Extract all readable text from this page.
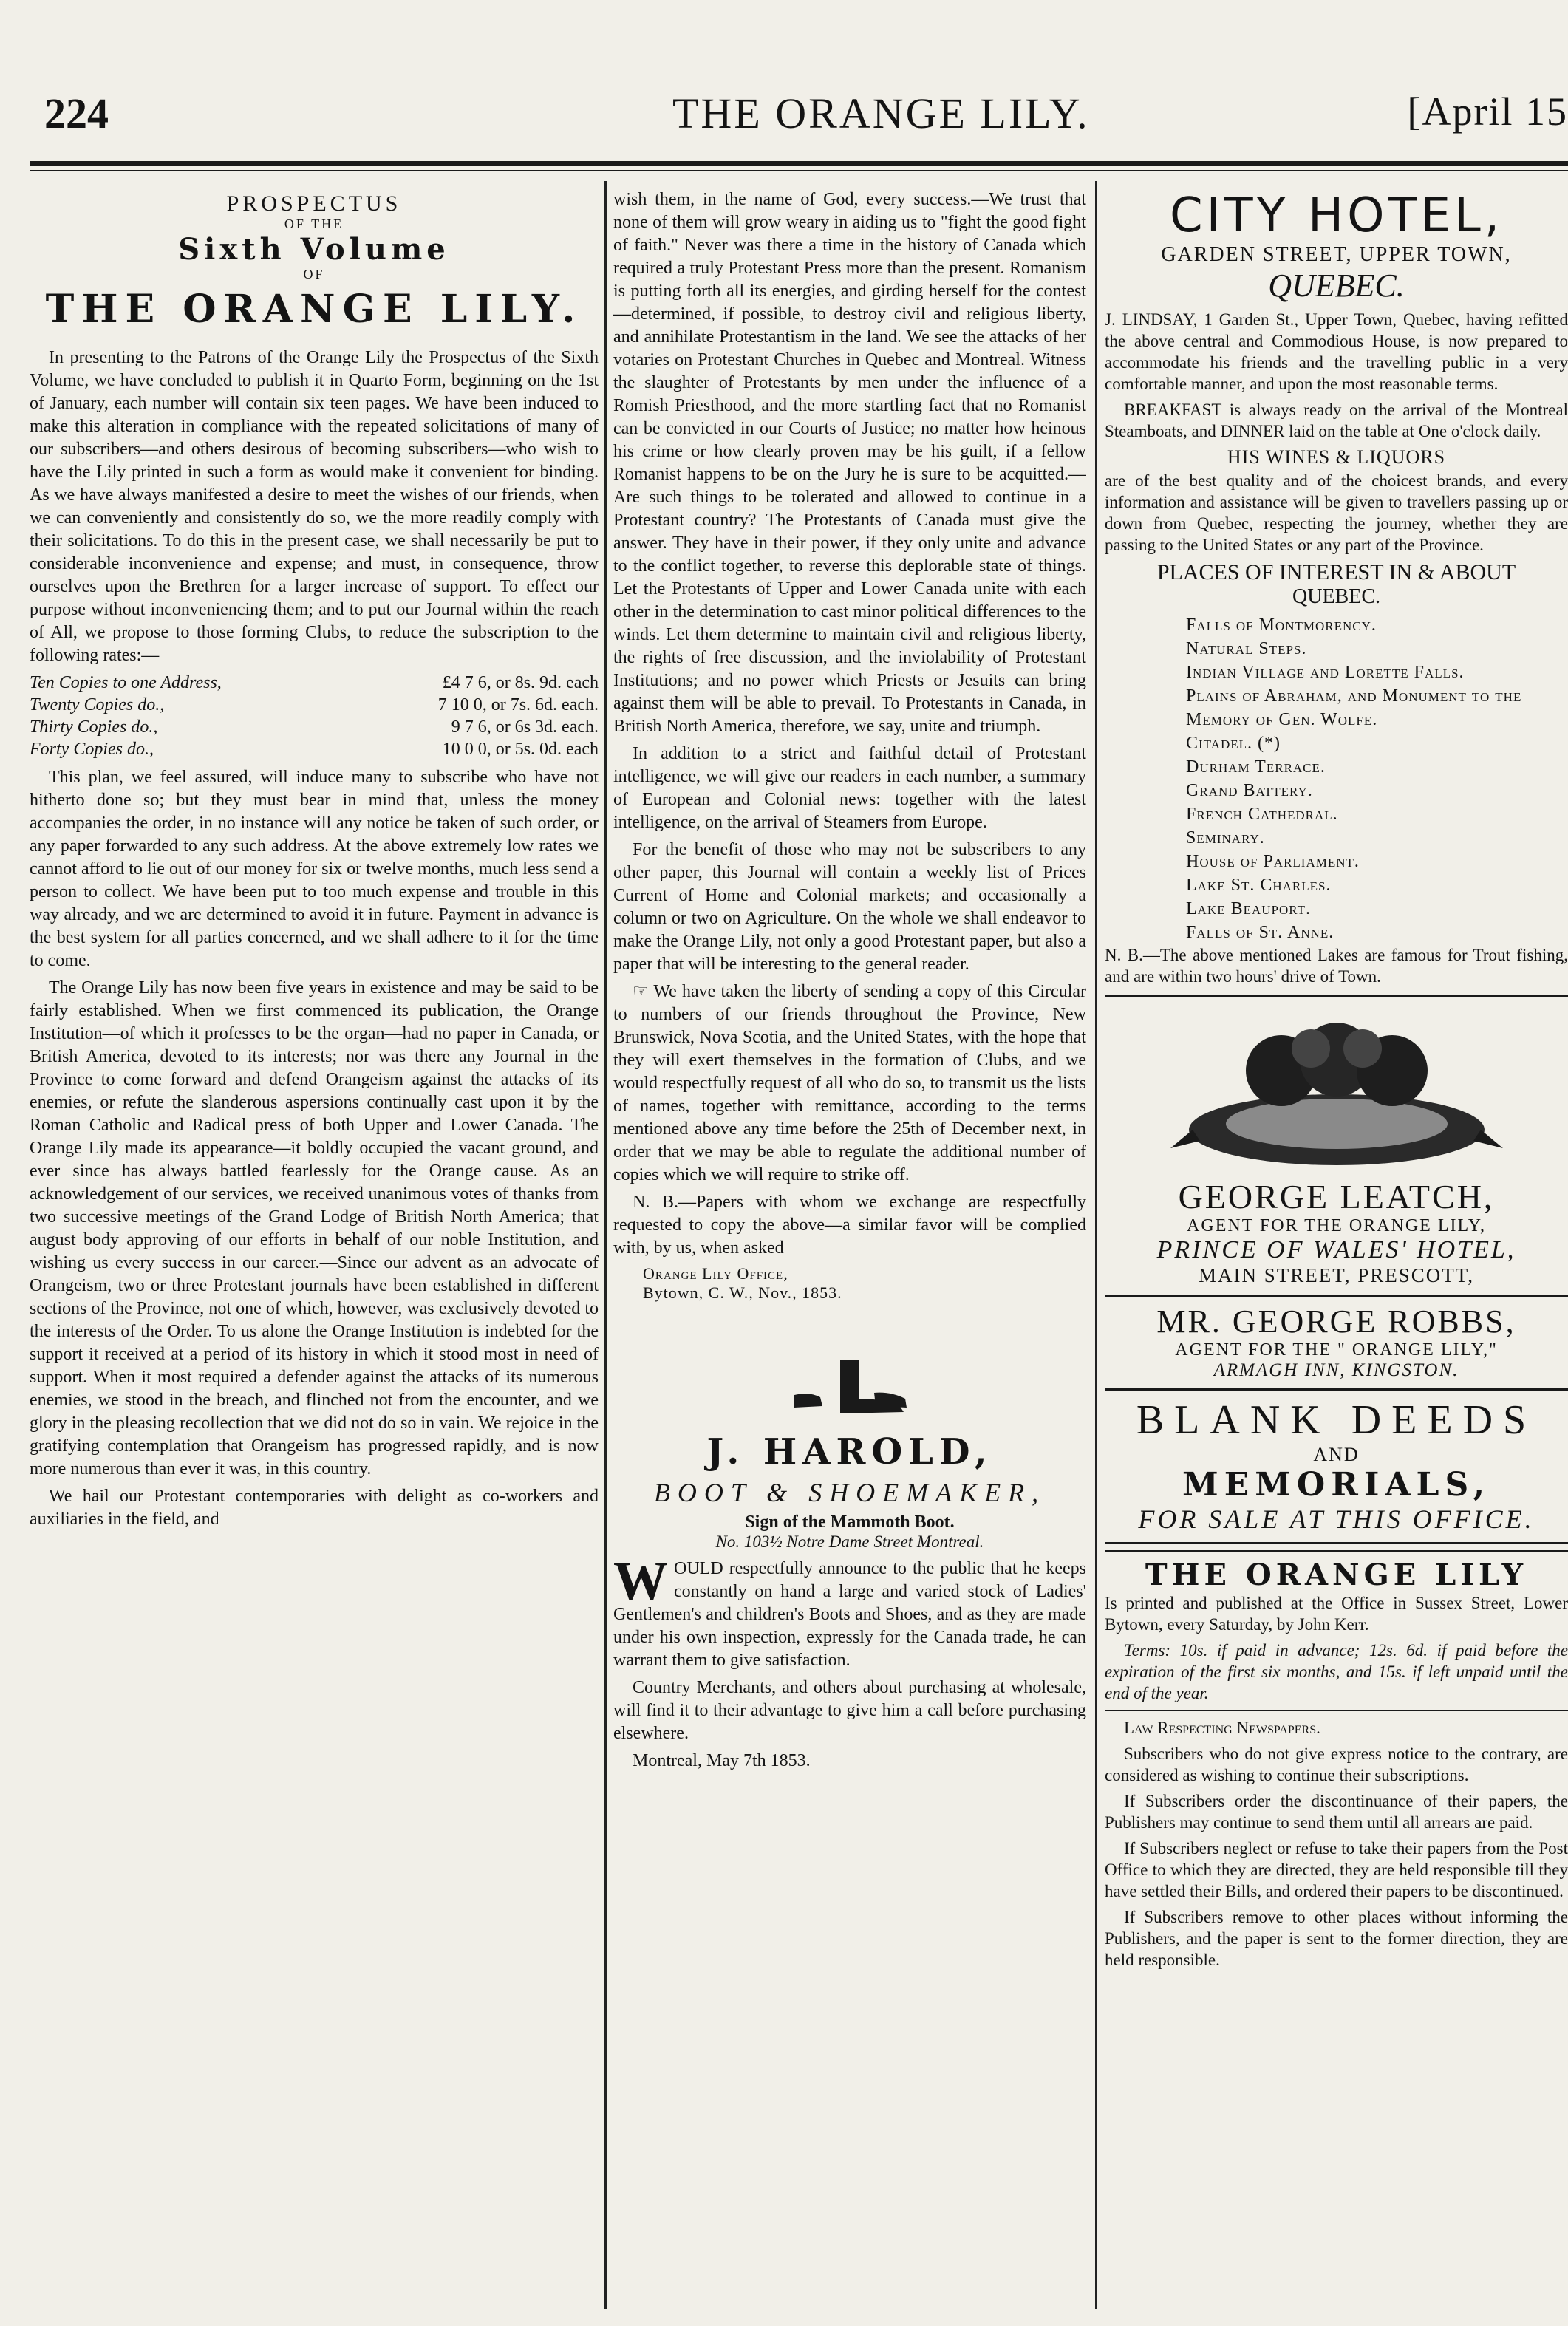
224	THE ORANGE LILY.	[April 15
PROSPECTUS
OF THE
Sixth Volume
OF
THE ORANGE LILY.

In presenting to the Patrons of the Orange Lily the Prospectus of the Sixth Volume, we have concluded to publish it in Quarto Form, beginning on the 1st of January, each number will contain six teen pages. We have been induced to make this alteration in compliance with the repeated solicitations of many of our subscribers—and others desirous of becoming subscribers—who wish to have the Lily printed in such a form as would make it convenient for binding. As we have always manifested a desire to meet the wishes of our friends, when we can conveniently and consistently do so, we the more readily comply with their solicitations. To do this in the present case, we shall necessarily be put to considerable inconvenience and expense; and must, in consequence, throw ourselves upon the Brethren for a larger increase of support. To effect our purpose without inconveniencing them; and to put our Journal within the reach of All, we propose to those forming Clubs, to reduce the subscription to the following rates:—

Ten Copies to one Address,	£4 7 6, or 8s. 9d. each
Twenty Copies do.,	7 10 0, or 7s. 6d. each.
Thirty Copies do.,	9 7 6, or 6s 3d. each.
Forty Copies do.,	10 0 0, or 5s. 0d. each

This plan, we feel assured, will induce many to subscribe who have not hitherto done so; but they must bear in mind that, unless the money accompanies the order, in no instance will any notice be taken of such order, or any paper forwarded to any such address. At the above extremely low rates we cannot afford to lie out of our money for six or twelve months, much less send a person to collect. We have been put to too much expense and trouble in this way already, and we are determined to avoid it in future. Payment in advance is the best system for all parties concerned, and we shall adhere to it for the time to come.

The Orange Lily has now been five years in existence and may be said to be fairly established. When we first commenced its publication, the Orange Institution—of which it professes to be the organ—had no paper in Canada, or British America, devoted to its interests; nor was there any Journal in the Province to come forward and defend Orangeism against the attacks of its enemies, or refute the slanderous aspersions continually cast upon it by the Roman Catholic and Radical press of both Upper and Lower Canada. The Orange Lily made its appearance—it boldly occupied the vacant ground, and ever since has always battled fearlessly for the Orange cause. As an acknowledgement of our services, we received unanimous votes of thanks from two successive meetings of the Grand Lodge of British North America; that august body approving of our efforts in behalf of our noble Institution, and wishing us every success in our career.—Since our advent as an advocate of Orangeism, two or three Protestant journals have been established in different sections of the Province, not one of which, however, was exclusively devoted to the interests of the Order. To us alone the Orange Institution is indebted for the support it received at a period of its history in which it stood most in need of support. When it most required a defender against the attacks of its numerous enemies, we stood in the breach, and flinched not from the encounter, and we glory in the pleasing recollection that we did not do so in vain. We rejoice in the gratifying contemplation that Orangeism has progressed rapidly, and is now more numerous than ever it was, in this country.

We hail our Protestant contemporaries with delight as co-workers and auxiliaries in the field, and

wish them, in the name of God, every success.—We trust that none of them will grow weary in aiding us to "fight the good fight of faith." Never was there a time in the history of Canada which required a truly Protestant Press more than the present. Romanism is putting forth all its energies, and girding herself for the contest—determined, if possible, to destroy civil and religious liberty, and annihilate Protestantism in the land. We see the attacks of her votaries on Protestant Churches in Quebec and Montreal. Witness the slaughter of Protestants by men under the influence of a Romish Priesthood, and the more startling fact that no Romanist can be convicted in our Courts of Justice; no matter how heinous his crime or how clearly proven may be his guilt, if a fellow Romanist happens to be on the Jury he is sure to be acquitted.—Are such things to be tolerated and allowed to continue in a Protestant country? The Protestants of Canada must give the answer. They have in their power, if they only unite and advance to the conflict together, to reverse this deplorable state of things. Let the Protestants of Upper and Lower Canada unite with each other in the determination to cast minor political differences to the winds. Let them determine to maintain civil and religious liberty, the rights of free discussion, and the inviolability of Protestant Institutions; and no power which Priests or Jesuits can bring against them will be able to prevail. To Protestants in Canada, in British North America, therefore, we say, unite and triumph.

In addition to a strict and faithful detail of Protestant intelligence, we will give our readers in each number, a summary of European and Colonial news: together with the latest intelligence, on the arrival of Steamers from Europe.

For the benefit of those who may not be subscribers to any other paper, this Journal will contain a weekly list of Prices Current of Home and Colonial markets; and occasionally a column or two on Agriculture. On the whole we shall endeavor to make the Orange Lily, not only a good Protestant paper, but also a paper that will be interesting to the general reader.

☞ We have taken the liberty of sending a copy of this Circular to numbers of our friends throughout the Province, New Brunswick, Nova Scotia, and the United States, with the hope that they will exert themselves in the formation of Clubs, and we would respectfully request of all who do so, to transmit us the lists of names, together with remittance, according to the terms mentioned above any time before the 25th of December next, in order that we may be able to regulate the additional number of copies which we will require to strike off.

N. B.—Papers with whom we exchange are respectfully requested to copy the above—a similar favor will be complied with, by us, when asked

Orange Lily Office,
Bytown, C. W., Nov., 1853.
J. HAROLD,
BOOT & SHOEMAKER,
Sign of the Mammoth Boot.
No. 103½ Notre Dame Street Montreal.

WOULD respectfully announce to the public that he keeps constantly on hand a large and varied stock of Ladies' Gentlemen's and children's Boots and Shoes, and as they are made under his own inspection, expressly for the Canada trade, he can warrant them to give satisfaction.

Country Merchants, and others about purchasing at wholesale, will find it to their advantage to give him a call before purchasing elsewhere.

Montreal, May 7th 1853.

CITY HOTEL,
GARDEN STREET, UPPER TOWN,
QUEBEC.

J. LINDSAY, 1 Garden St., Upper Town, Quebec, having refitted the above central and Commodious House, is now prepared to accommodate his friends and the travelling public in a very comfortable manner, and upon the most reasonable terms.

BREAKFAST is always ready on the arrival of the Montreal Steamboats, and DINNER laid on the table at One o'clock daily.

HIS WINES & LIQUORS

are of the best quality and of the choicest brands, and every information and assistance will be given to travellers passing up or down from Quebec, respecting the journey, whether they are passing to the United States or any part of the Province.

PLACES OF INTEREST IN & ABOUT
QUEBEC.
Falls of Montmorency.
Natural Steps.
Indian Village and Lorette Falls.
Plains of Abraham, and Monument to the Memory of Gen. Wolfe.
Citadel. (*)
Durham Terrace.
Grand Battery.
French Cathedral.
Seminary.
House of Parliament.
Lake St. Charles.
Lake Beauport.
Falls of St. Anne.

N. B.—The above mentioned Lakes are famous for Trout fishing, and are within two hours' drive of Town.

GEORGE LEATCH,
AGENT FOR THE ORANGE LILY,
PRINCE OF WALES' HOTEL,
MAIN STREET, PRESCOTT,
MR. GEORGE ROBBS,
AGENT FOR THE " ORANGE LILY,"
ARMAGH INN, KINGSTON.
BLANK DEEDS
AND
MEMORIALS,
FOR SALE AT THIS OFFICE.
THE ORANGE LILY

Is printed and published at the Office in Sussex Street, Lower Bytown, every Saturday, by John Kerr.

Terms: 10s. if paid in advance; 12s. 6d. if paid before the expiration of the first six months, and 15s. if left unpaid until the end of the year.

Law Respecting Newspapers.

Subscribers who do not give express notice to the contrary, are considered as wishing to continue their subscriptions.

If Subscribers order the discontinuance of their papers, the Publishers may continue to send them until all arrears are paid.

If Subscribers neglect or refuse to take their papers from the Post Office to which they are directed, they are held responsible till they have settled their Bills, and ordered their papers to be discontinued.

If Subscribers remove to other places without informing the Publishers, and the paper is sent to the former direction, they are held responsible.
